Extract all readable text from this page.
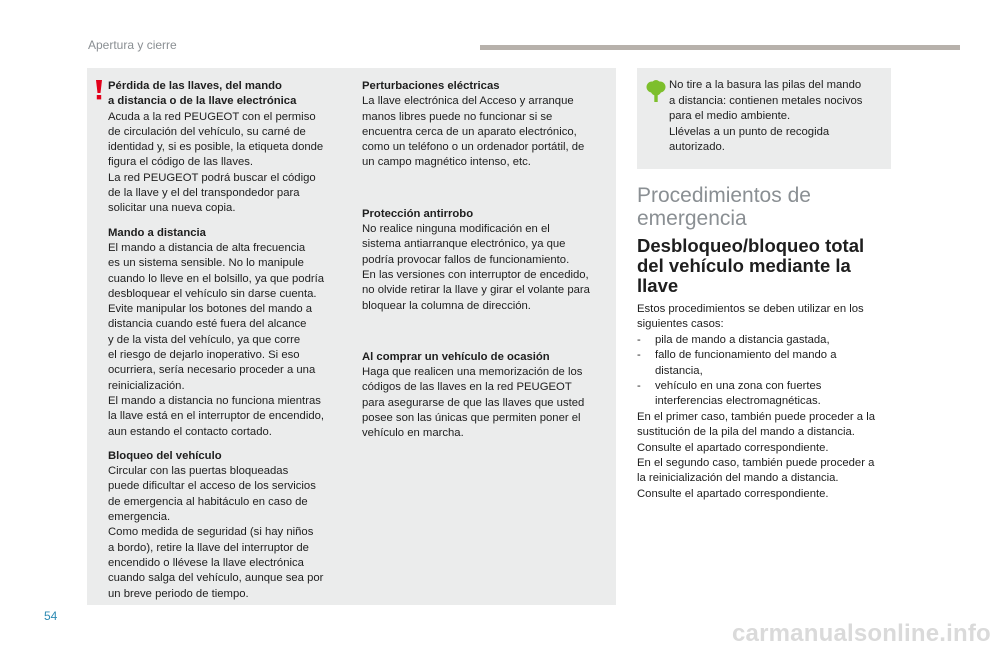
Apertura y cierre
Pérdida de las llaves, del mando
a distancia o de la llave electrónica
Acuda a la red PEUGEOT con el permiso
de circulación del vehículo, su carné de
identidad y, si es posible, la etiqueta donde
figura el código de las llaves.
La red PEUGEOT podrá buscar el código
de la llave y el del transpondedor para
solicitar una nueva copia.
Mando a distancia
El mando a distancia de alta frecuencia
es un sistema sensible. No lo manipule
cuando lo lleve en el bolsillo, ya que podría
desbloquear el vehículo sin darse cuenta.
Evite manipular los botones del mando a
distancia cuando esté fuera del alcance
y de la vista del vehículo, ya que corre
el riesgo de dejarlo inoperativo. Si eso
ocurriera, sería necesario proceder a una
reinicialización.
El mando a distancia no funciona mientras
la llave está en el interruptor de encendido,
aun estando el contacto cortado.
Bloqueo del vehículo
Circular con las puertas bloqueadas
puede dificultar el acceso de los servicios
de emergencia al habitáculo en caso de
emergencia.
Como medida de seguridad (si hay niños
a bordo), retire la llave del interruptor de
encendido o llévese la llave electrónica
cuando salga del vehículo, aunque sea por
un breve periodo de tiempo.
Perturbaciones eléctricas
La llave electrónica del Acceso y arranque
manos libres puede no funcionar si se
encuentra cerca de un aparato electrónico,
como un teléfono o un ordenador portátil, de
un campo magnético intenso, etc.
Protección antirrobo
No realice ninguna modificación en el
sistema antiarranque electrónico, ya que
podría provocar fallos de funcionamiento.
En las versiones con interruptor de encedido,
no olvide retirar la llave y girar el volante para
bloquear la columna de dirección.
Al comprar un vehículo de ocasión
Haga que realicen una memorización de los
códigos de las llaves en la red PEUGEOT
para asegurarse de que las llaves que usted
posee son las únicas que permiten poner el
vehículo en marcha.
No tire a la basura las pilas del mando
a distancia: contienen metales nocivos
para el medio ambiente.
Llévelas a un punto de recogida
autorizado.
Procedimientos de
emergencia
Desbloqueo/bloqueo total
del vehículo mediante la
llave
Estos procedimientos se deben utilizar en los
siguientes casos:
- pila de mando a distancia gastada,
- fallo de funcionamiento del mando a
distancia,
- vehículo en una zona con fuertes
interferencias electromagnéticas.
En el primer caso, también puede proceder a la
sustitución de la pila del mando a distancia.
Consulte el apartado correspondiente.
En el segundo caso, también puede proceder a
la reinicialización del mando a distancia.
Consulte el apartado correspondiente.
54
carmanualsonline.info
